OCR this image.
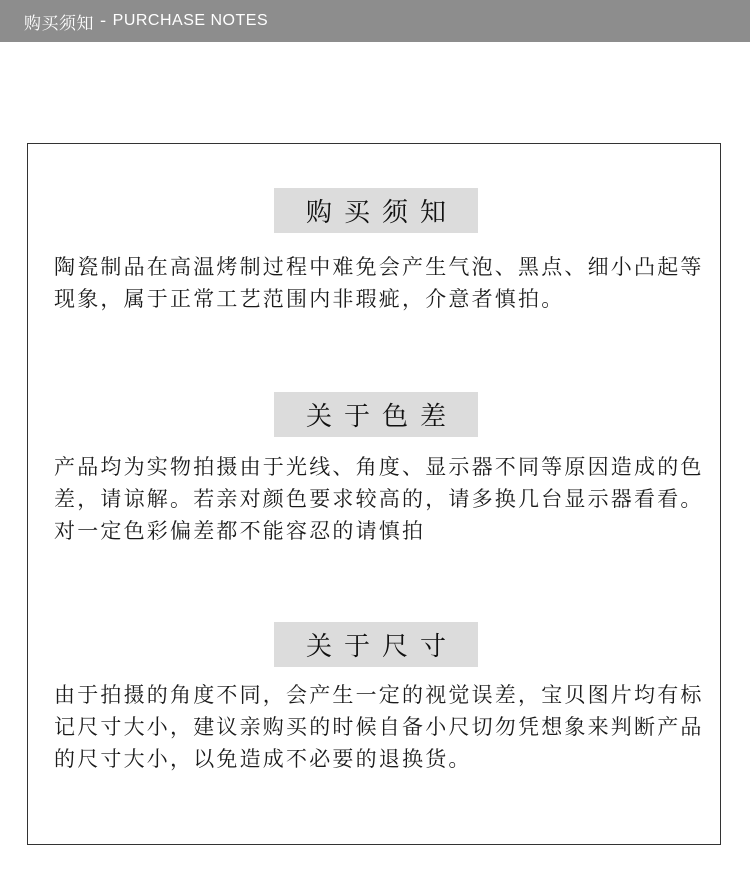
购买须知 - PURCHASE NOTES
购买须知

陶瓷制品在高温烤制过程中难免会产生气泡、黑点、细小凸起等现象，属于正常工艺范围内非瑕疵，介意者慎拍。

关于色差

产品均为实物拍摄由于光线、角度、显示器不同等原因造成的色差，请谅解。若亲对颜色要求较高的，请多换几台显示器看看。对一定色彩偏差都不能容忍的请慎拍

关于尺寸

由于拍摄的角度不同，会产生一定的视觉误差，宝贝图片均有标记尺寸大小，建议亲购买的时候自备小尺切勿凭想象来判断产品的尺寸大小，以免造成不必要的退换货。
